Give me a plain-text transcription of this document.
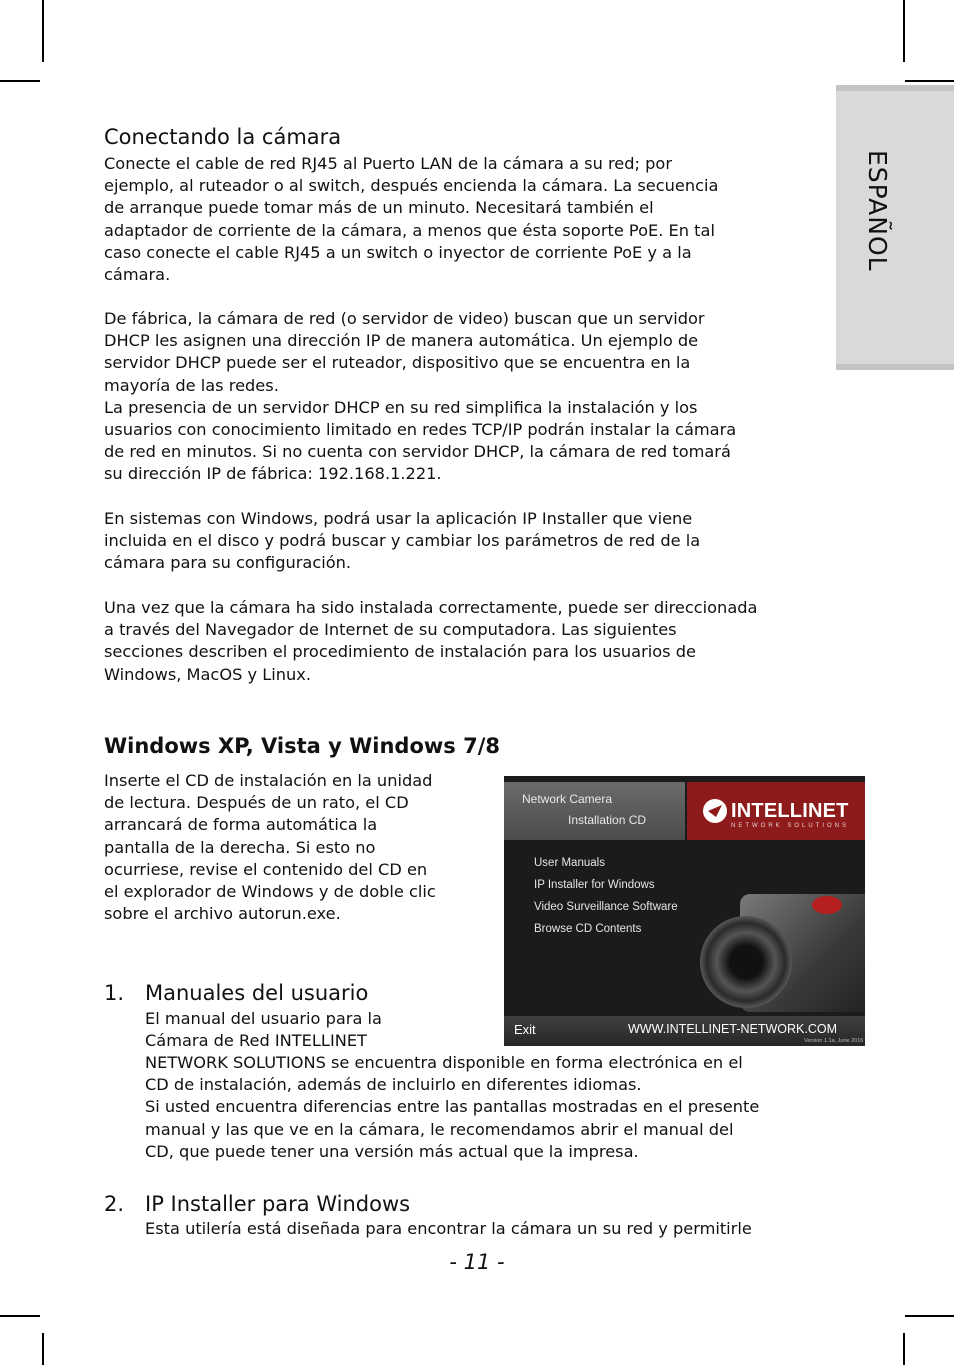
ESPAÑOL
Conectando la cámara

Conecte el cable de red RJ45 al Puerto LAN de la cámara a su red; por
ejemplo, al ruteador o al switch, después encienda la cámara. La secuencia
de arranque puede tomar más de un minuto. Necesitará también el
adaptador de corriente de la cámara, a menos que ésta soporte PoE. En tal
caso conecte el cable RJ45 a un switch o inyector de corriente PoE y a la
cámara.

De fábrica, la cámara de red (o servidor de video) buscan que un servidor
DHCP les asignen una dirección IP de manera automática. Un ejemplo de
servidor DHCP puede ser el ruteador, dispositivo que se encuentra en la
mayoría de las redes.
La presencia de un servidor DHCP en su red simplifica la instalación y los
usuarios con conocimiento limitado en redes TCP/IP podrán instalar la cámara
de red en minutos. Si no cuenta con servidor DHCP, la cámara de red tomará
su dirección IP de fábrica: 192.168.1.221.

En sistemas con Windows, podrá usar la aplicación IP Installer que viene
incluida en el disco y podrá buscar y cambiar los parámetros de red de la
cámara para su configuración.

Una vez que la cámara ha sido instalada correctamente, puede ser direccionada
a través del Navegador de Internet de su computadora. Las siguientes
secciones describen el procedimiento de instalación para los usuarios de
Windows, MacOS y Linux.

Windows XP, Vista y Windows 7/8

Inserte el CD de instalación en la unidad
de lectura. Después de un rato, el CD
arrancará de forma automática la
pantalla de la derecha. Si esto no
ocurriese, revise el contenido del CD en
el explorador de Windows y de doble clic
sobre el archivo autorun.exe.

Network Camera
Installation CD	INTELLINET
NETWORK SOLUTIONS
User Manuals
IP Installer for Windows
Video Surveillance Software
Browse CD Contents
Exit	WWW.INTELLINET-NETWORK.COM
Version 1.1a, June 2016
1. Manuales del usuario

El manual del usuario para la
Cámara de Red INTELLINET

NETWORK SOLUTIONS se encuentra disponible en forma electrónica en el
CD de instalación, además de incluirlo en diferentes idiomas.
Si usted encuentra diferencias entre las pantallas mostradas en el presente
manual y las que ve en la cámara, le recomendamos abrir el manual del
CD, que puede tener una versión más actual que la impresa.

2. IP Installer para Windows

Esta utilería está diseñada para encontrar la cámara un su red y permitirle

- 11 -
